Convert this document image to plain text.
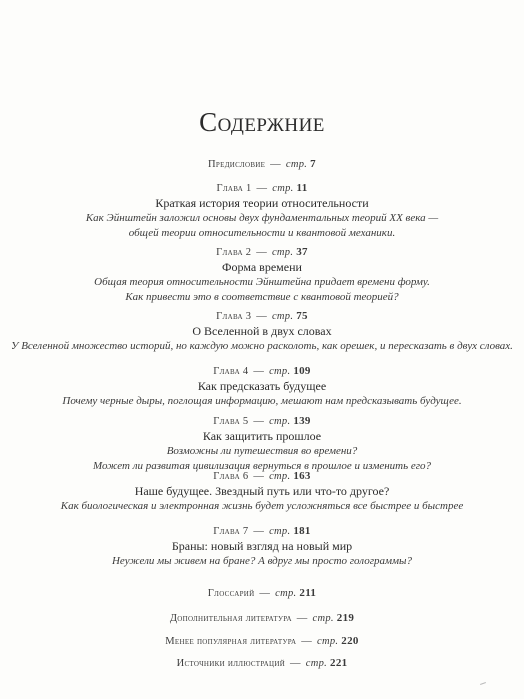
Содержние
Предисловие — стр. 7
Глава 1 — стр. 11
Краткая история теории относительности
Как Эйнштейн заложил основы двух фундаментальных теорий XX века —
общей теории относительности и квантовой механики.
Глава 2 — стр. 37
Форма времени
Общая теория относительности Эйнштейна придает времени форму.
Как привести это в соответствие с квантовой теорией?
Глава 3 — стр. 75
О Вселенной в двух словах
У Вселенной множество историй, но каждую можно расколоть, как орешек, и пересказать в двух словах.
Глава 4 — стр. 109
Как предсказать будущее
Почему черные дыры, поглощая информацию, мешают нам предсказывать будущее.
Глава 5 — стр. 139
Как защитить прошлое
Возможны ли путешествия во времени?
Может ли развитая цивилизация вернуться в прошлое и изменить его?
Глава 6 — стр. 163
Наше будущее. Звездный путь или что-то другое?
Как биологическая и электронная жизнь будет усложняться все быстрее и быстрее
Глава 7 — стр. 181
Браны: новый взгляд на новый мир
Неужели мы живем на бране? А вдруг мы просто голограммы?
Глоссарий — стр. 211
Дополнительная литература — стр. 219
Менее популярная литература — стр. 220
Источники иллюстраций — стр. 221
